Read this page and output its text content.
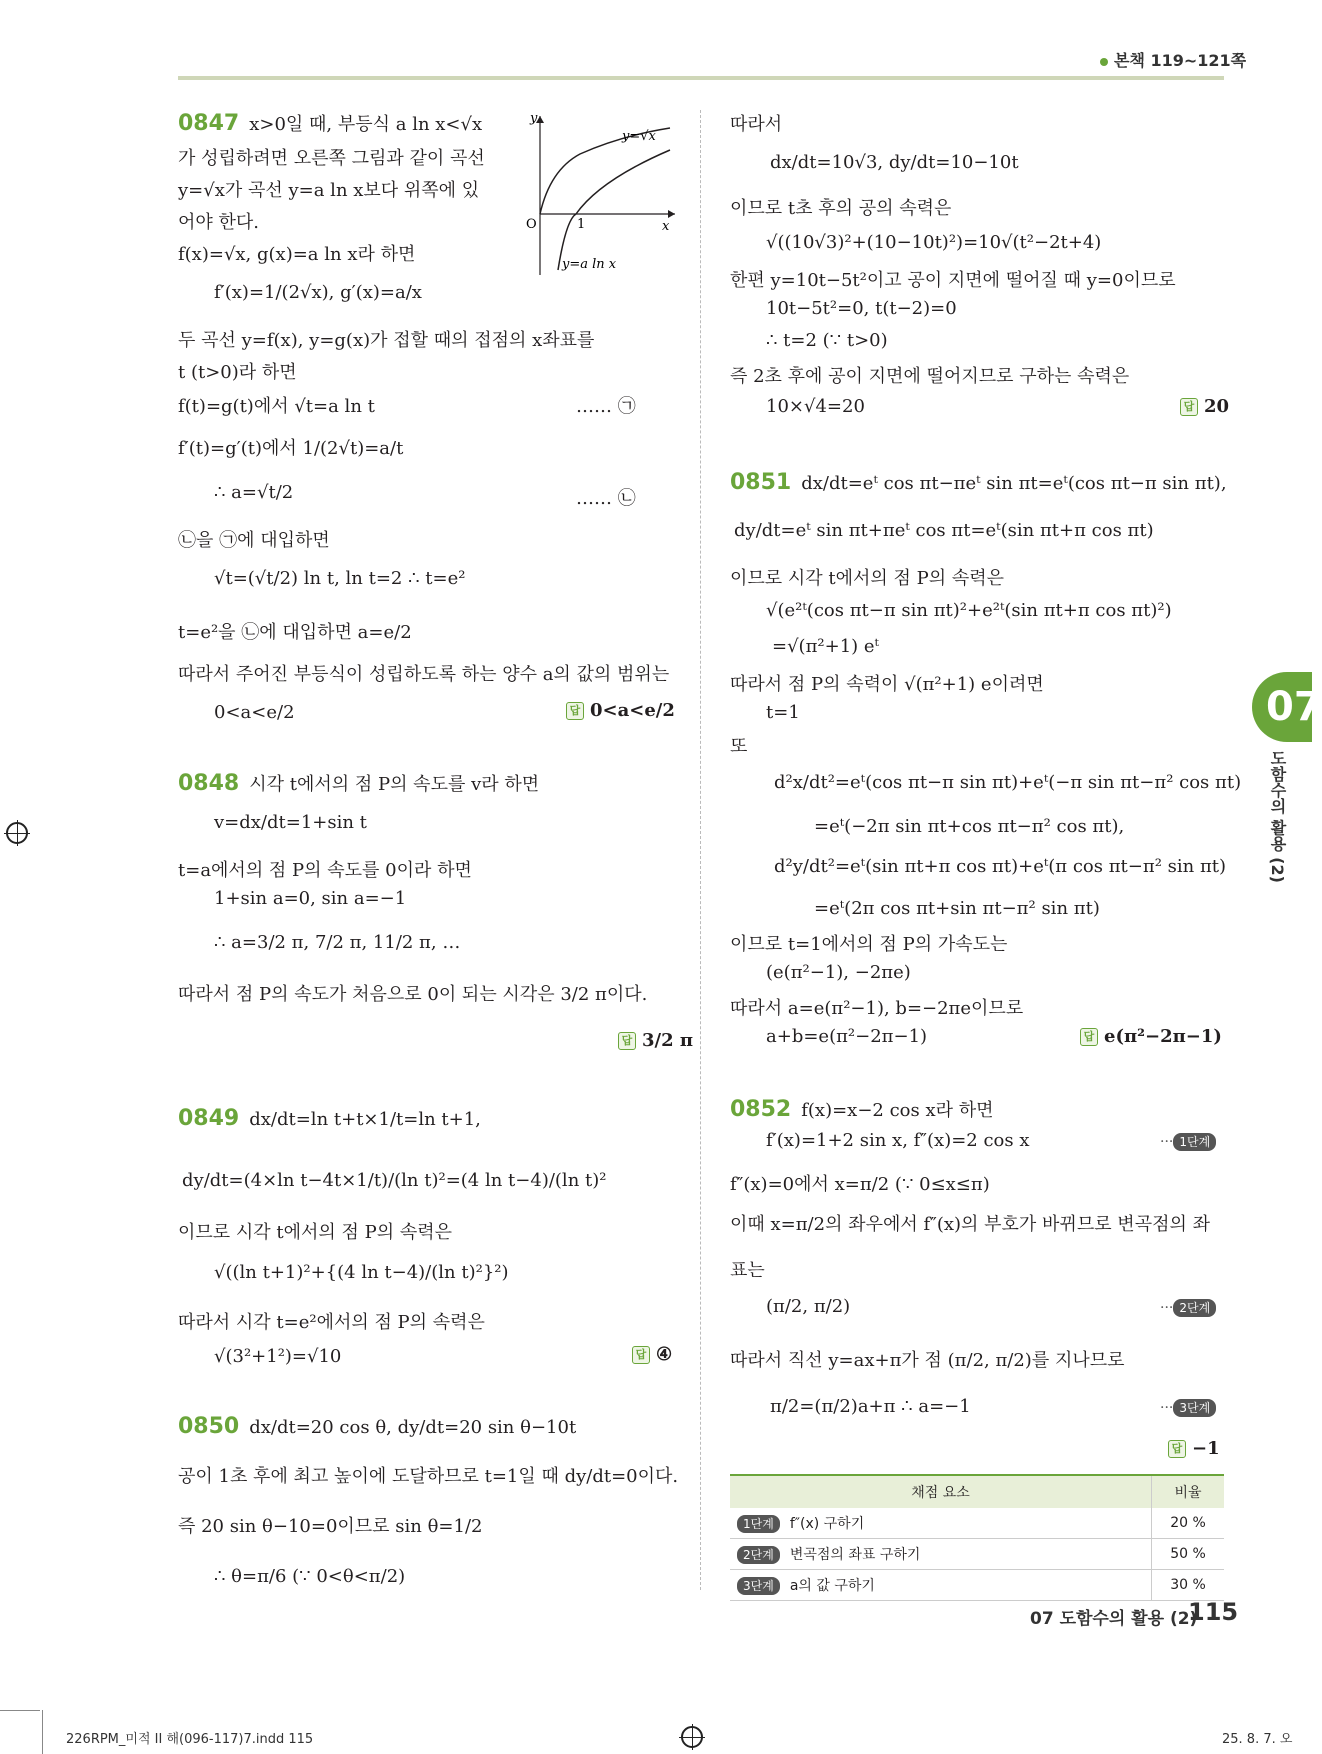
본책 119~121쪽
0847 x>0일 때, 부등식 a ln x<√x
가 성립하려면 오른쪽 그림과 같이 곡선
y=√x가 곡선 y=a ln x보다 위쪽에 있
어야 한다.
f(x)=√x, g(x)=a ln x라 하면
f′(x)=1/(2√x), g′(x)=a/x
두 곡선 y=f(x), y=g(x)가 접할 때의 접점의 x좌표를
t (t>0)라 하면
f(t)=g(t)에서 √t=a ln t	…… ㉠
f′(t)=g′(t)에서 1/(2√t)=a/t
∴ a=√t/2	…… ㉡
㉡을 ㉠에 대입하면
√t=(√t/2) ln t, ln t=2 ∴ t=e²
t=e²을 ㉡에 대입하면 a=e/2
따라서 주어진 부등식이 성립하도록 하는 양수 a의 값의 범위는
0<a<e/2	답 0<a<e/2
y
x
O	1
y=√x
y=a ln x
0848 시각 t에서의 점 P의 속도를 v라 하면
v=dx/dt=1+sin t
t=a에서의 점 P의 속도를 0이라 하면
1+sin a=0, sin a=−1
∴ a=3/2 π, 7/2 π, 11/2 π, …
따라서 점 P의 속도가 처음으로 0이 되는 시각은 3/2 π이다.
답 3/2 π
0849 dx/dt=ln t+t×1/t=ln t+1,
dy/dt=(4×ln t−4t×1/t)/(ln t)²=(4 ln t−4)/(ln t)²
이므로 시각 t에서의 점 P의 속력은
√((ln t+1)²+{(4 ln t−4)/(ln t)²}²)
따라서 시각 t=e²에서의 점 P의 속력은
√(3²+1²)=√10	답 ④
0850 dx/dt=20 cos θ, dy/dt=20 sin θ−10t
공이 1초 후에 최고 높이에 도달하므로 t=1일 때 dy/dt=0이다.
즉 20 sin θ−10=0이므로 sin θ=1/2
∴ θ=π/6 (∵ 0<θ<π/2)
따라서
dx/dt=10√3, dy/dt=10−10t
이므로 t초 후의 공의 속력은
√((10√3)²+(10−10t)²)=10√(t²−2t+4)
한편 y=10t−5t²이고 공이 지면에 떨어질 때 y=0이므로
10t−5t²=0, t(t−2)=0
∴ t=2 (∵ t>0)
즉 2초 후에 공이 지면에 떨어지므로 구하는 속력은
10×√4=20	답 20
0851 dx/dt=eᵗ cos πt−πeᵗ sin πt=eᵗ(cos πt−π sin πt),
dy/dt=eᵗ sin πt+πeᵗ cos πt=eᵗ(sin πt+π cos πt)
이므로 시각 t에서의 점 P의 속력은
√(e²ᵗ(cos πt−π sin πt)²+e²ᵗ(sin πt+π cos πt)²)
=√(π²+1) eᵗ
따라서 점 P의 속력이 √(π²+1) e이려면
t=1
또
d²x/dt²=eᵗ(cos πt−π sin πt)+eᵗ(−π sin πt−π² cos πt)
=eᵗ(−2π sin πt+cos πt−π² cos πt),
d²y/dt²=eᵗ(sin πt+π cos πt)+eᵗ(π cos πt−π² sin πt)
=eᵗ(2π cos πt+sin πt−π² sin πt)
이므로 t=1에서의 점 P의 가속도는
(e(π²−1), −2πe)
따라서 a=e(π²−1), b=−2πe이므로
a+b=e(π²−2π−1)	답 e(π²−2π−1)
0852 f(x)=x−2 cos x라 하면
f′(x)=1+2 sin x, f″(x)=2 cos x	··· 1단계
f″(x)=0에서 x=π/2 (∵ 0≤x≤π)
이때 x=π/2의 좌우에서 f″(x)의 부호가 바뀌므로 변곡점의 좌
표는
(π/2, π/2)	··· 2단계
따라서 직선 y=ax+π가 점 (π/2, π/2)를 지나므로
π/2=(π/2)a+π ∴ a=−1	··· 3단계
답 −1
채점 요소	비율
1단계 f″(x) 구하기	20 %
2단계 변곡점의 좌표 구하기	50 %
3단계 a의 값 구하기	30 %
07
도함수의 활용 (2)
07 도함수의 활용 (2)
115
226RPM_미적 II 해(096-117)7.indd 115	25. 8. 7. 오
